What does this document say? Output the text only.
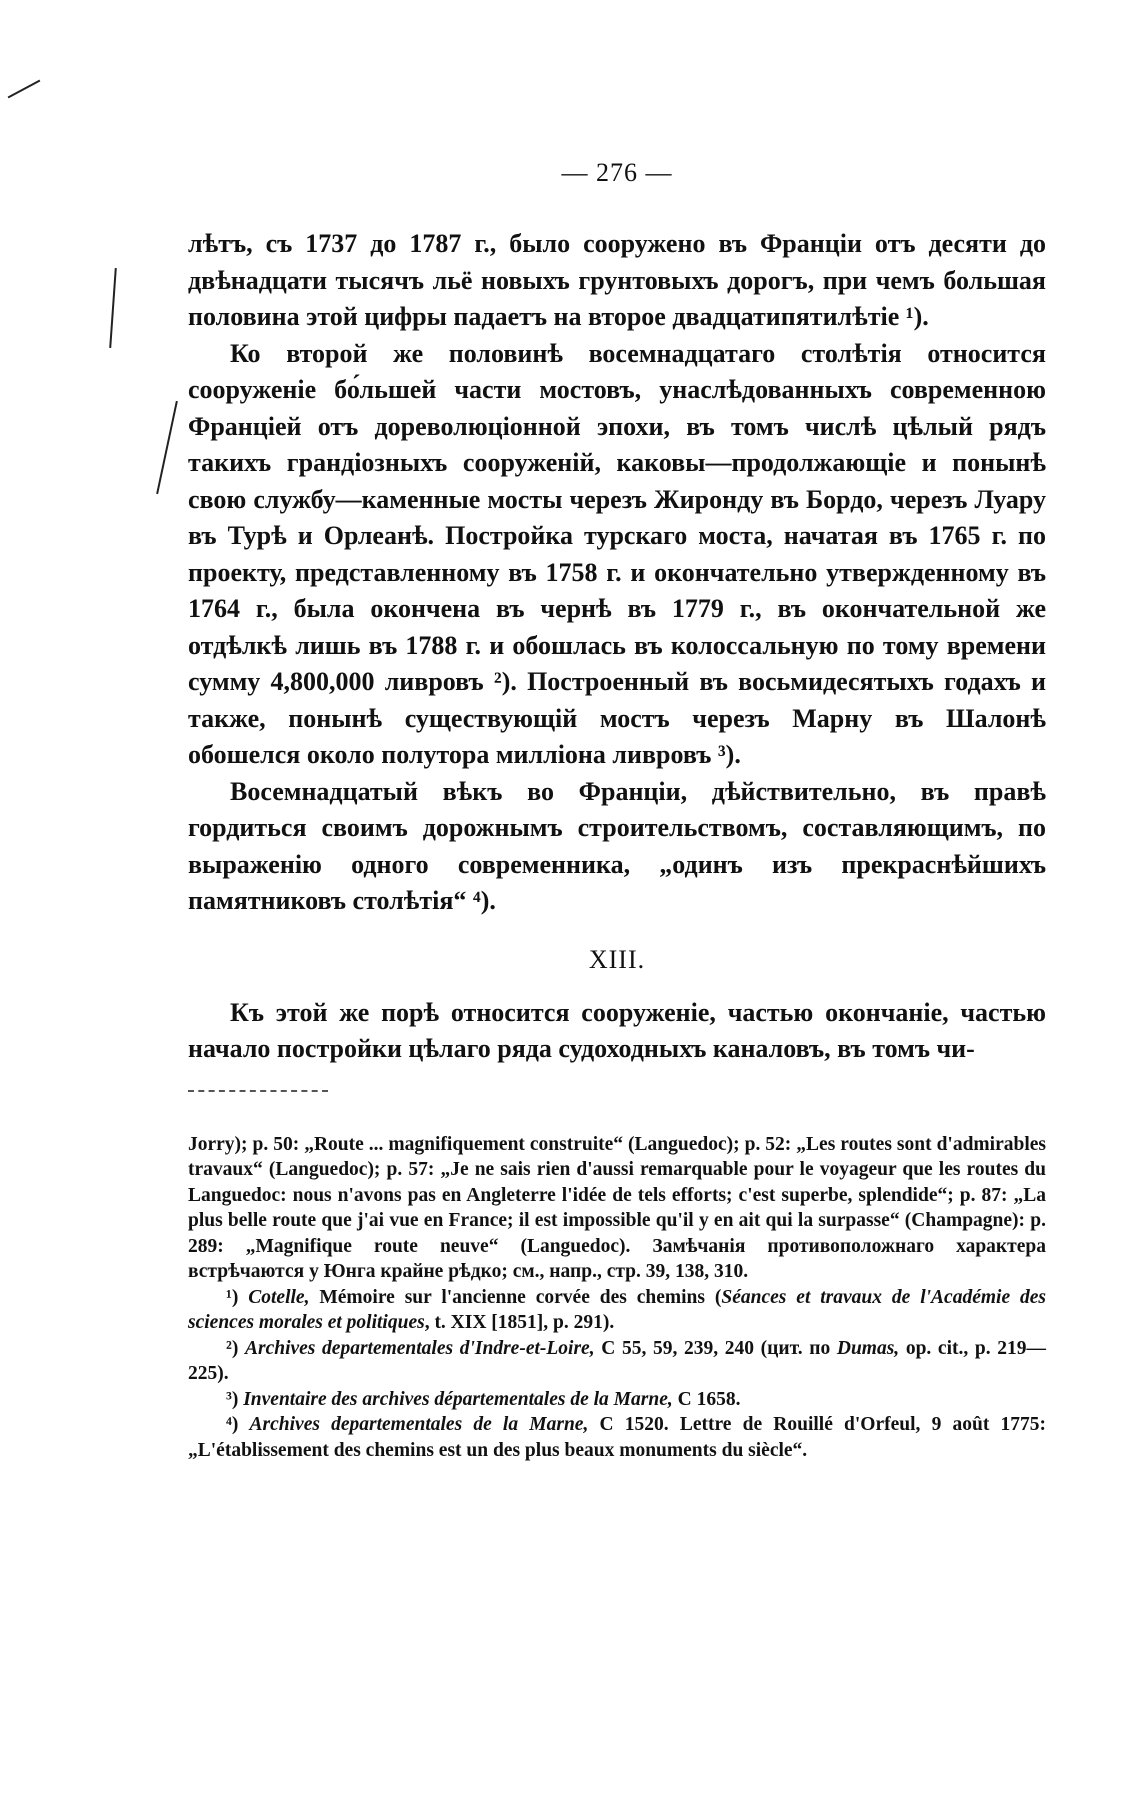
— 276 —

лѣтъ, съ 1737 до 1787 г., было сооружено въ Франціи отъ десяти до двѣнадцати тысячъ льё новыхъ грунтовыхъ дорогъ, при чемъ большая половина этой цифры падаетъ на второе двадцатипятилѣтіе ¹).

Ко второй же половинѣ восемнадцатаго столѣтія относится сооруженіе бо́льшей части мостовъ, унаслѣдованныхъ современною Франціей отъ дореволюціонной эпохи, въ томъ числѣ цѣлый рядъ такихъ грандіозныхъ сооруженій, каковы—продолжающіе и понынѣ свою службу—каменные мосты черезъ Жиронду въ Бордо, черезъ Луару въ Турѣ и Орлеанѣ. Постройка турскаго моста, начатая въ 1765 г. по проекту, представленному въ 1758 г. и окончательно утвержденному въ 1764 г., была окончена въ чернѣ въ 1779 г., въ окончательной же отдѣлкѣ лишь въ 1788 г. и обошлась въ колоссальную по тому времени сумму 4,800,000 ливровъ ²). Построенный въ восьмидесятыхъ годахъ и также, понынѣ существующій мостъ черезъ Марну въ Шалонѣ обошелся около полутора милліона ливровъ ³).

Восемнадцатый вѣкъ во Франціи, дѣйствительно, въ правѣ гордиться своимъ дорожнымъ строительствомъ, составляющимъ, по выраженію одного современника, „одинъ изъ прекраснѣйшихъ памятниковъ столѣтія“ ⁴).

XIII.

Къ этой же порѣ относится сооруженіе, частью окончаніе, частью начало постройки цѣлаго ряда судоходныхъ каналовъ, въ томъ чи-

Jorry); p. 50: „Route ... magnifiquement construite“ (Languedoc); p. 52: „Les routes sont d'admirables travaux“ (Languedoc); p. 57: „Je ne sais rien d'aussi remarquable pour le voyageur que les routes du Languedoc: nous n'avons pas en Angleterre l'idée de tels efforts; c'est superbe, splendide“; p. 87: „La plus belle route que j'ai vue en France; il est impossible qu'il y en ait qui la surpasse“ (Champagne): p. 289: „Magnifique route neuve“ (Languedoc). Замѣчанія противоположнаго характера встрѣчаются у Юнга крайне рѣдко; см., напр., стр. 39, 138, 310.

¹) Cotelle, Mémoire sur l'ancienne corvée des chemins (Séances et travaux de l'Académie des sciences morales et politiques, t. XIX [1851], p. 291).

²) Archives departementales d'Indre-et-Loire, C 55, 59, 239, 240 (цит. по Dumas, op. cit., p. 219—225).

³) Inventaire des archives départementales de la Marne, C 1658.

⁴) Archives departementales de la Marne, C 1520. Lettre de Rouillé d'Orfeul, 9 août 1775: „L'établissement des chemins est un des plus beaux monuments du siècle“.
